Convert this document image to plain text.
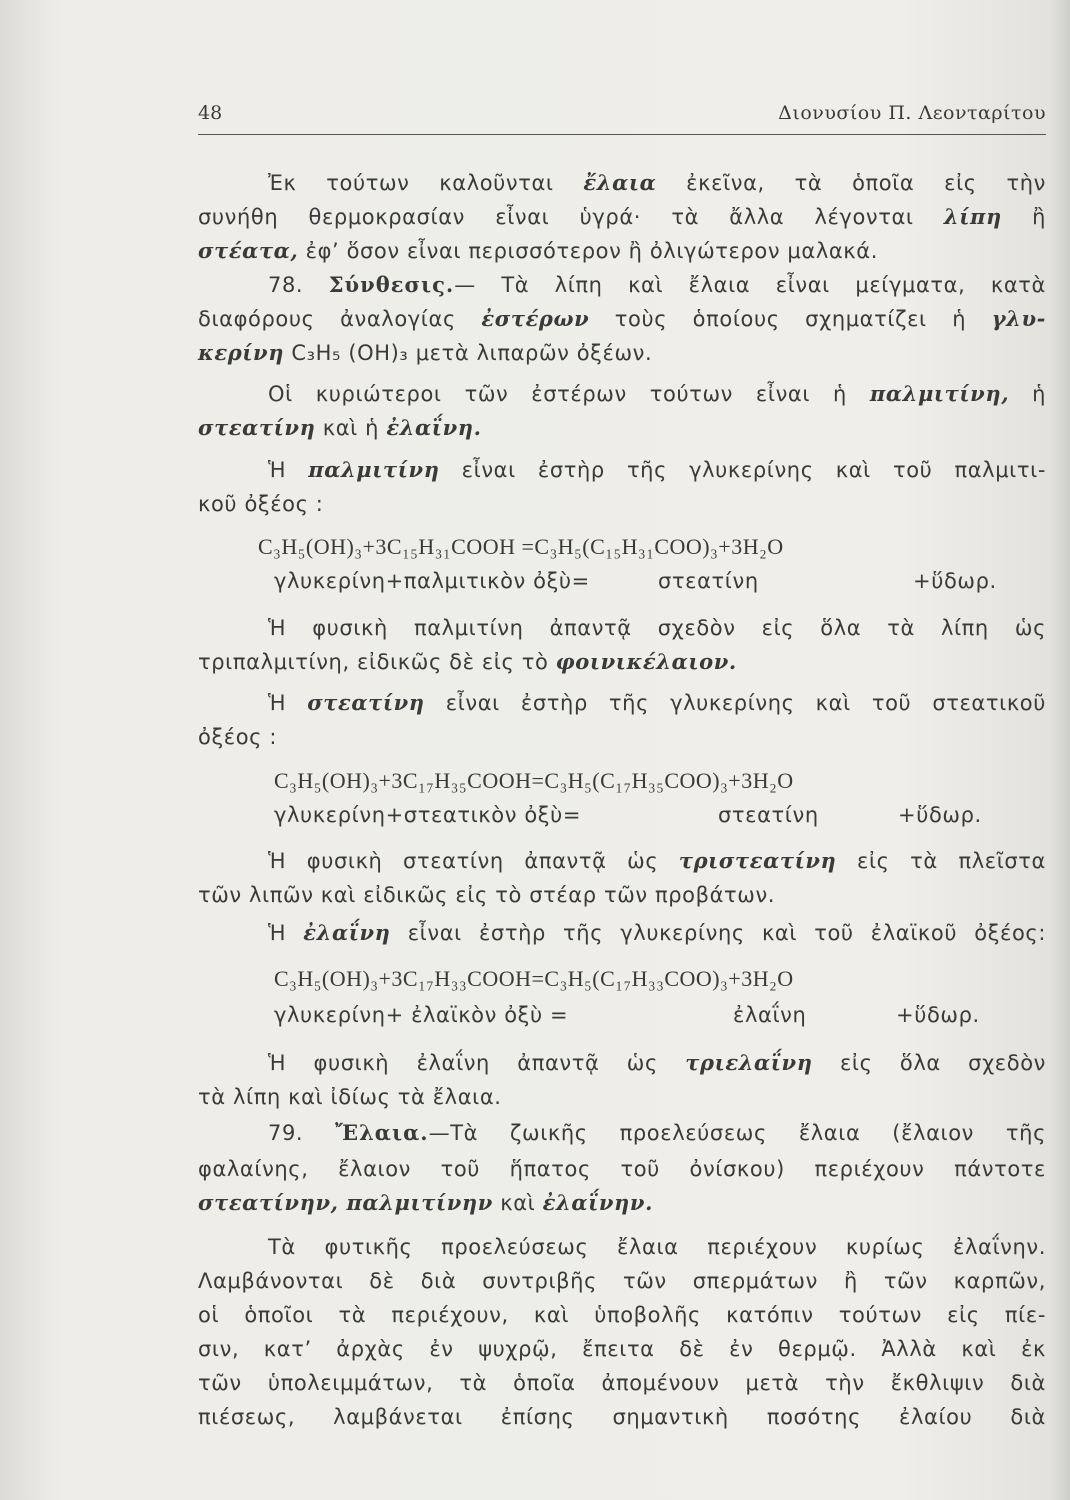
48	Διονυσίου Π. Λεονταρίτου
Ἐκ τούτων καλοῦνται ἔλαια ἐκεῖνα, τὰ ὁποῖα εἰς τὴν
συνήθη θερμοκρασίαν εἶναι ὑγρά· τὰ ἄλλα λέγονται λίπη ἢ
στέατα, ἐφ’ ὅσον εἶναι περισσότερον ἢ ὀλιγώτερον μαλακά.
78. Σύνθεσις.— Τὰ λίπη καὶ ἔλαια εἶναι μείγματα, κατὰ
διαφόρους ἀναλογίας ἐστέρων τοὺς ὁποίους σχηματίζει ἡ γλυ-
κερίνη C₃H₅ (OH)₃ μετὰ λιπαρῶν ὀξέων.
Οἱ κυριώτεροι τῶν ἐστέρων τούτων εἶναι ἡ παλμιτίνη, ἡ
στεατίνη καὶ ἡ ἐλαΐνη.
Ἡ παλμιτίνη εἶναι ἐστὴρ τῆς γλυκερίνης καὶ τοῦ παλμιτι-
κοῦ ὀξέος :
C₃H₅(OH)₃+3C₁₅H₃₁COOH =C₃H₅(C₁₅H₃₁COO)₃+3H₂O
γλυκερίνη+παλμιτικὸν ὀξὺ=	στεατίνη	+ὕδωρ.
Ἡ φυσικὴ παλμιτίνη ἀπαντᾷ σχεδὸν εἰς ὅλα τὰ λίπη ὡς
τριπαλμιτίνη, εἰδικῶς δὲ εἰς τὸ φοινικέλαιον.
Ἡ στεατίνη εἶναι ἐστὴρ τῆς γλυκερίνης καὶ τοῦ στεατικοῦ
ὀξέος :
C₃H₅(OH)₃+3C₁₇H₃₅COOH=C₃H₅(C₁₇H₃₅COO)₃+3H₂O
γλυκερίνη+στεατικὸν ὀξὺ=	στεατίνη	+ὕδωρ.
Ἡ φυσικὴ στεατίνη ἀπαντᾷ ὡς τριστεατίνη εἰς τὰ πλεῖστα
τῶν λιπῶν καὶ εἰδικῶς εἰς τὸ στέαρ τῶν προβάτων.
Ἡ ἐλαΐνη εἶναι ἐστὴρ τῆς γλυκερίνης καὶ τοῦ ἐλαϊκοῦ ὀξέος:
C₃H₅(OH)₃+3C₁₇H₃₃COOH=C₃H₅(C₁₇H₃₃COO)₃+3H₂O
γλυκερίνη+ ἐλαϊκὸν ὀξὺ =	ἐλαΐνη	+ὕδωρ.
Ἡ φυσικὴ ἐλαΐνη ἀπαντᾷ ὡς τριελαΐνη εἰς ὅλα σχεδὸν
τὰ λίπη καὶ ἰδίως τὰ ἔλαια.
79. Ἔλαια.—Τὰ ζωικῆς προελεύσεως ἔλαια (ἔλαιον τῆς
φαλαίνης, ἔλαιον τοῦ ἥπατος τοῦ ὀνίσκου) περιέχουν πάντοτε
στεατίνην, παλμιτίνην καὶ ἐλαΐνην.
Τὰ φυτικῆς προελεύσεως ἔλαια περιέχουν κυρίως ἐλαΐνην.
Λαμβάνονται δὲ διὰ συντριβῆς τῶν σπερμάτων ἢ τῶν καρπῶν,
οἱ ὁποῖοι τὰ περιέχουν, καὶ ὑποβολῆς κατόπιν τούτων εἰς πίε-
σιν, κατ’ ἀρχὰς ἐν ψυχρῷ, ἔπειτα δὲ ἐν θερμῷ. Ἀλλὰ καὶ ἐκ
τῶν ὑπολειμμάτων, τὰ ὁποῖα ἀπομένουν μετὰ τὴν ἔκθλιψιν διὰ
πιέσεως, λαμβάνεται ἐπίσης σημαντικὴ ποσότης ἐλαίου διὰ
